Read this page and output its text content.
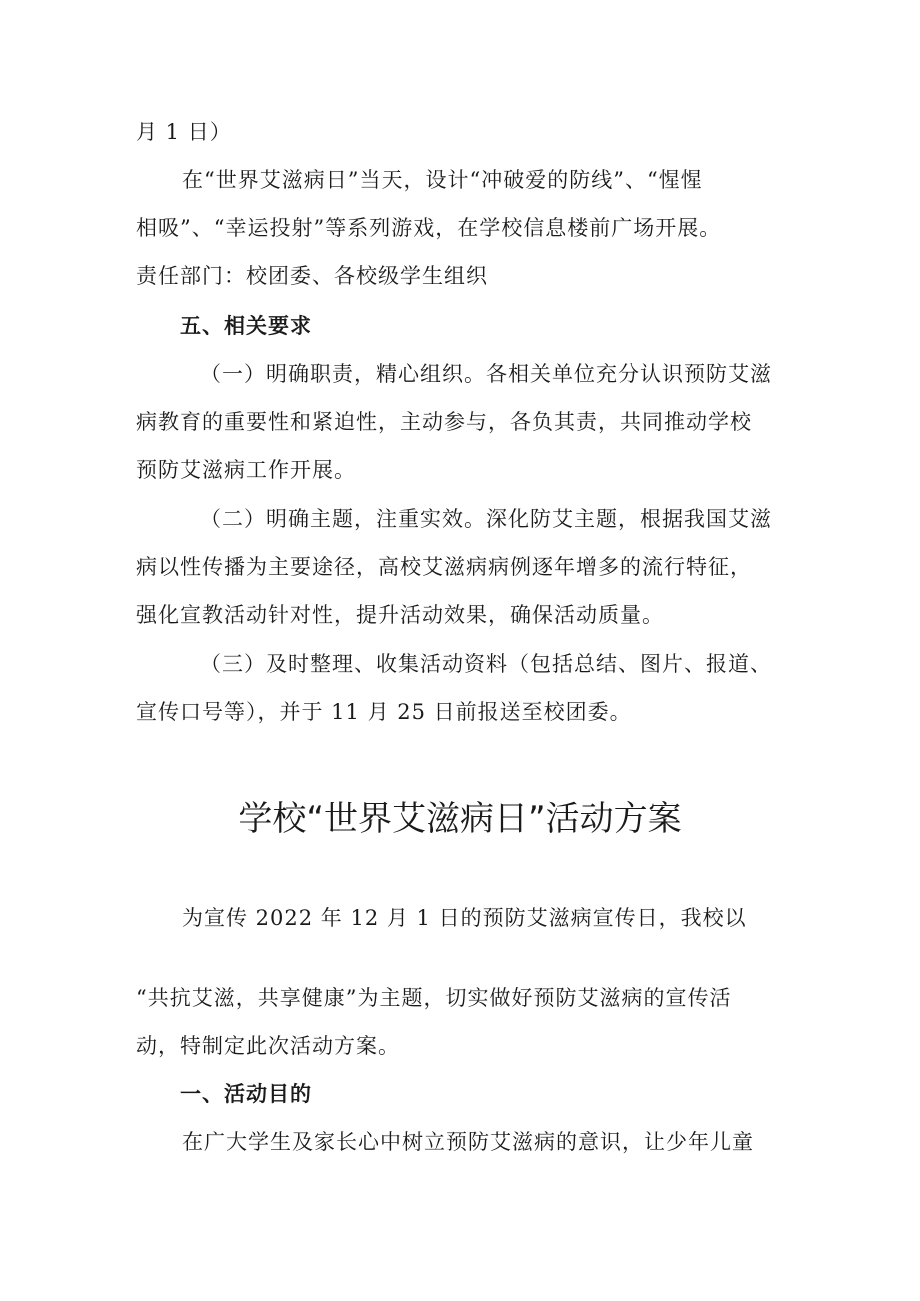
月 1 日）
在“世界艾滋病日”当天，设计“冲破爱的防线”、“惺惺
相吸”、“幸运投射”等系列游戏，在学校信息楼前广场开展。
责任部门：校团委、各校级学生组织
五、相关要求
（一）明确职责，精心组织。各相关单位充分认识预防艾滋
病教育的重要性和紧迫性，主动参与，各负其责，共同推动学校
预防艾滋病工作开展。
（二）明确主题，注重实效。深化防艾主题，根据我国艾滋
病以性传播为主要途径，高校艾滋病病例逐年增多的流行特征，
强化宣教活动针对性，提升活动效果，确保活动质量。
（三）及时整理、收集活动资料（包括总结、图片、报道、
宣传口号等），并于 11 月 25 日前报送至校团委。
学校“世界艾滋病日”活动方案
为宣传 2022 年 12 月 1 日的预防艾滋病宣传日，我校以
“共抗艾滋，共享健康”为主题，切实做好预防艾滋病的宣传活
动，特制定此次活动方案。
一、活动目的
在广大学生及家长心中树立预防艾滋病的意识，让少年儿童
